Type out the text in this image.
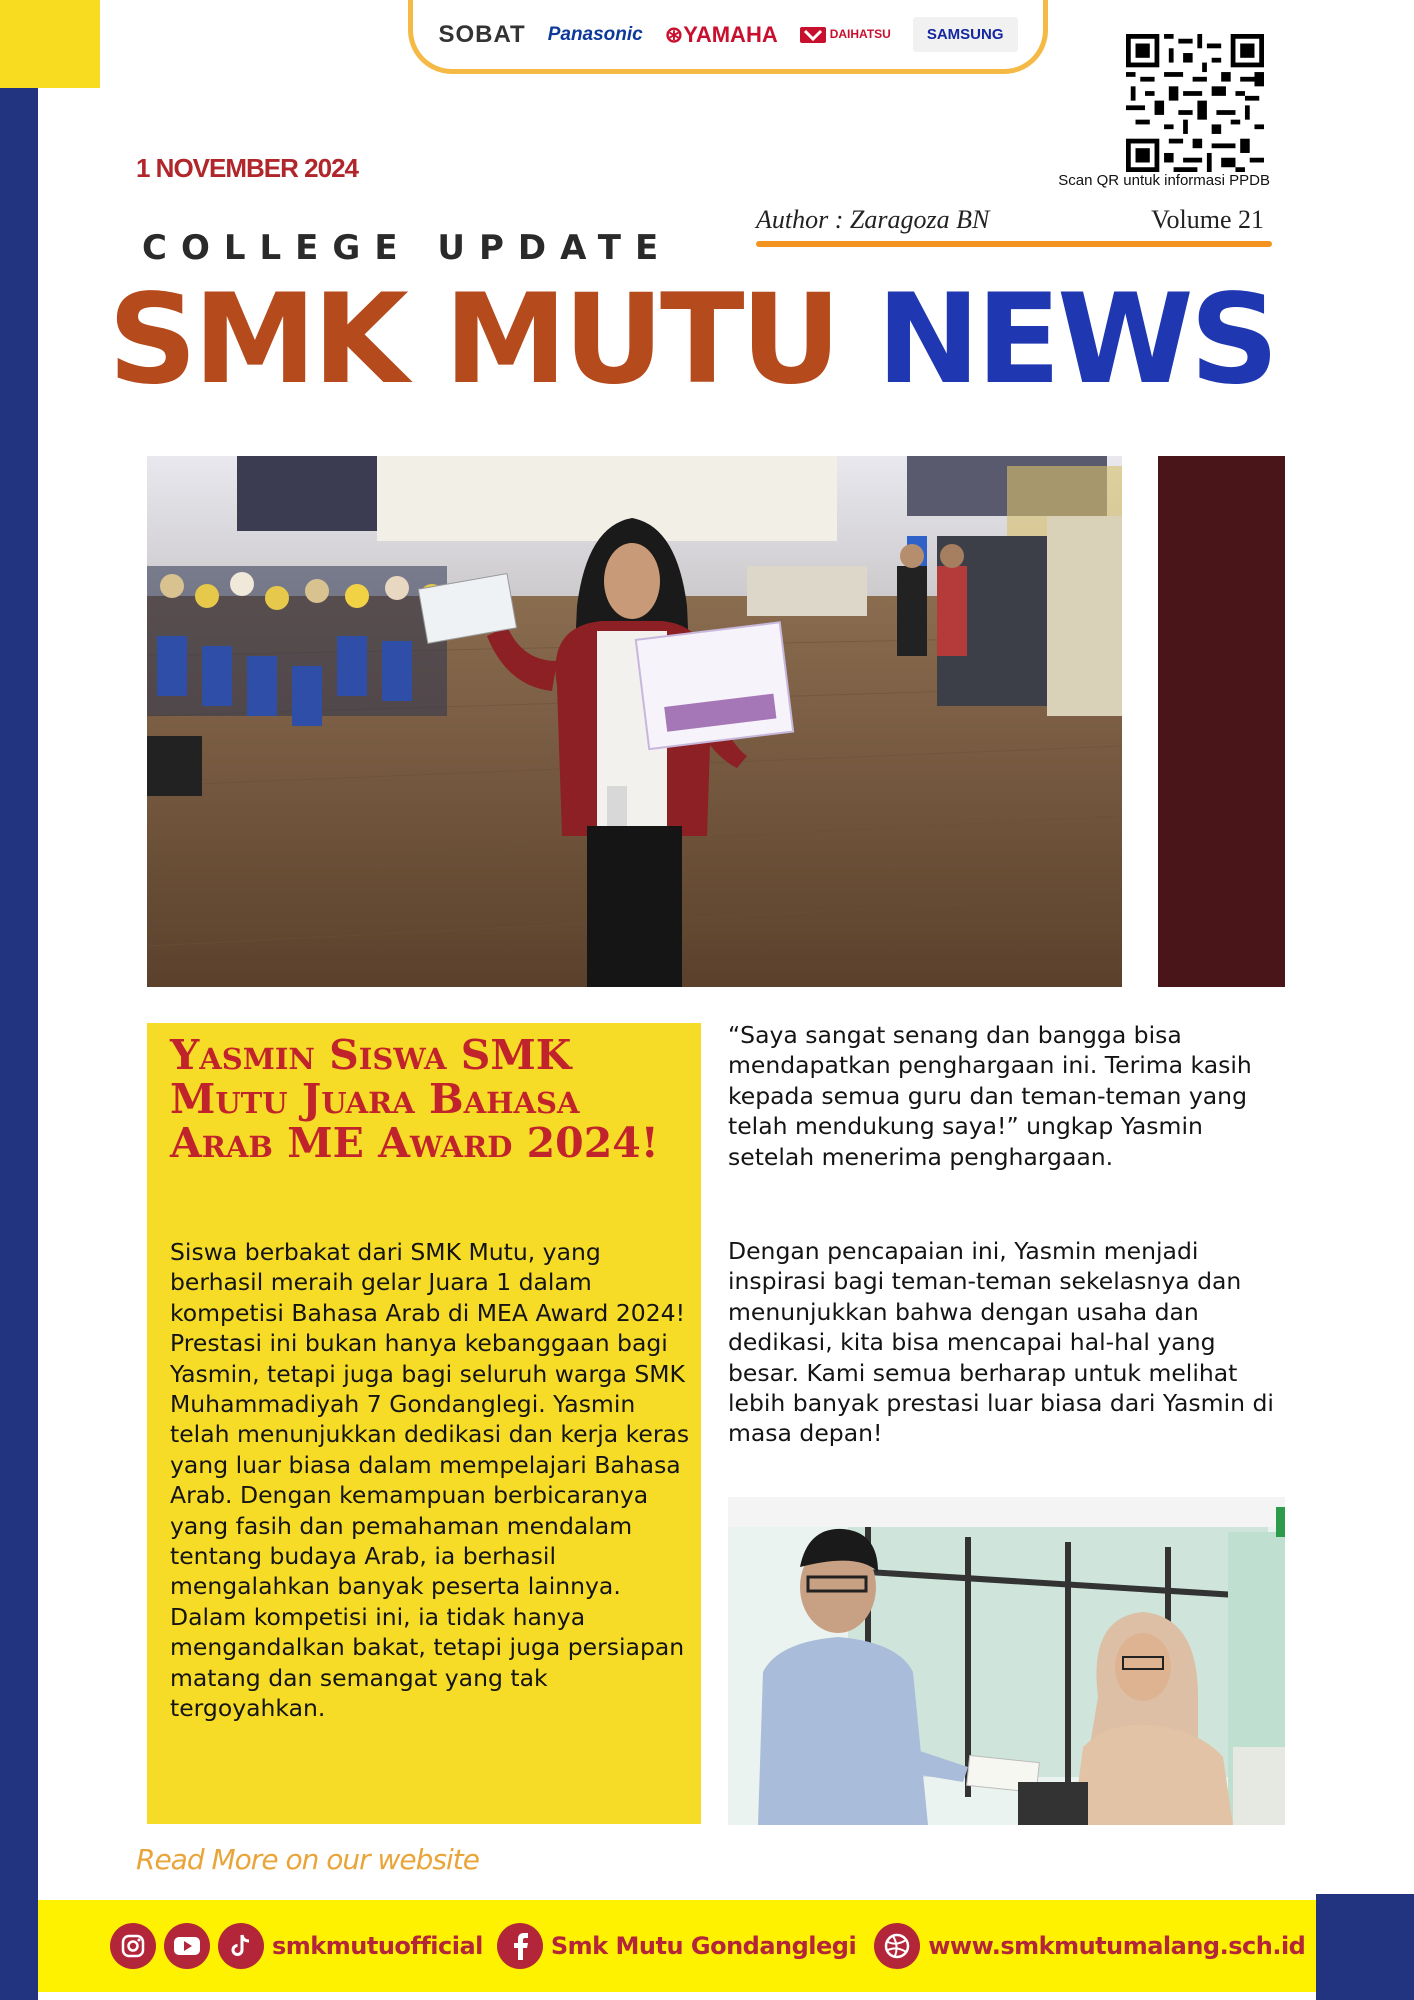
SOBAT Panasonic ⊛YAMAHA	DAIHATSU	SAMSUNG
Scan QR untuk informasi PPDB
1 NOVEMBER 2024
Author : Zaragoza BN	Volume 21
COLLEGE UPDATE
SMK MUTU NEWS
Yasmin Siswa SMK Mutu Juara Bahasa Arab ME Award 2024!

Siswa berbakat dari SMK Mutu, yang berhasil meraih gelar Juara 1 dalam kompetisi Bahasa Arab di MEA Award 2024! Prestasi ini bukan hanya kebanggaan bagi Yasmin, tetapi juga bagi seluruh warga SMK Muhammadiyah 7 Gondanglegi. Yasmin telah menunjukkan dedikasi dan kerja keras yang luar biasa dalam mempelajari Bahasa Arab. Dengan kemampuan berbicaranya yang fasih dan pemahaman mendalam tentang budaya Arab, ia berhasil mengalahkan banyak peserta lainnya. Dalam kompetisi ini, ia tidak hanya mengandalkan bakat, tetapi juga persiapan matang dan semangat yang tak tergoyahkan.

“Saya sangat senang dan bangga bisa mendapatkan penghargaan ini. Terima kasih kepada semua guru dan teman-teman yang telah mendukung saya!” ungkap Yasmin setelah menerima penghargaan.

Dengan pencapaian ini, Yasmin menjadi inspirasi bagi teman-teman sekelasnya dan menunjukkan bahwa dengan usaha dan dedikasi, kita bisa mencapai hal-hal yang besar. Kami semua berharap untuk melihat lebih banyak prestasi luar biasa dari Yasmin di masa depan!

Read More on our website
smkmutuofficial	Smk Mutu Gondanglegi	www.smkmutumalang.sch.id
